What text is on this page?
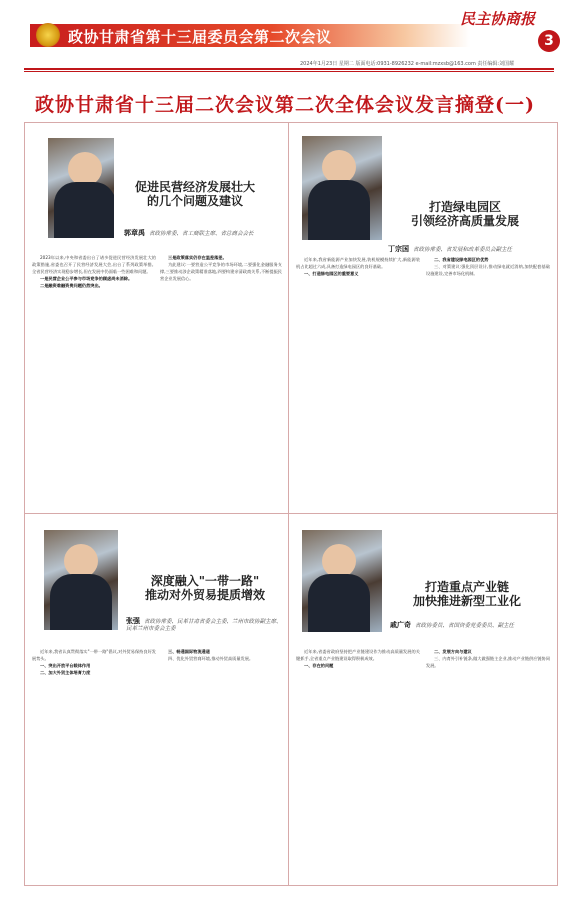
政协甘肃省第十三届委员会第二次会议
民主协商报
3
2024年1月23日 星期二 版面电话:0931-8926232 e-mail:mzxsb@163.com 责任编辑:刘国耀
政协甘肃省十三届二次会议第二次全体会议发言摘登(一)
促进民营经济发展壮大
的几个问题及建议
郭章禹 省政协常委、省工商联主席、省总商会会长

2023年以来,中央和省委出台了诸多促进民营经济发展壮大的政策措施,省委也召开了民营经济发展大会,出台了系列政策举措。全省民营经济实现稳步增长,但在发展中仍面临一些困难和问题。

一是民营企业公平参与市场竞争的顾虑尚未消除。

二是融资难融资贵问题仍然突出。

三是政策落实仍存在温差落差。

为此建议:一要营造公平竞争的市场环境,二要强化金融服务支撑,三要推动涉企政策精准落地,四要构建亲清政商关系,不断提振民营企业发展信心。

打造绿电园区
引领经济高质量发展
丁宗国 省政协常委、省发展和改革委员会副主任

近年来,我省新能源产业加快发展,装机规模持续扩大,新能源装机占比超过六成,具备打造绿电园区的良好基础。

一、打造绿电园区的重要意义

二、我省建设绿电园区的优势

三、对策建议:强化顶层设计,推动绿电就近消纳,加快配套基础设施建设,完善市场化机制。

深度融入"一带一路"
推动对外贸易提质增效
张强 省政协常委、民革甘肃省委会主委、兰州市政协副主席、民革兰州市委会主委

近年来,我省认真贯彻落实"一带一路"倡议,对外贸易保持良好发展势头。

一、突出开放平台载体作用

二、加大外贸主体培育力度

三、畅通国际物流通道

四、优化外贸营商环境,推动外贸高质量发展。

打造重点产业链
加快推进新型工业化
戚广奇 省政协委员、省国资委党委委员、副主任

近年来,省委省政府坚持把产业链建设作为推动高质量发展的关键抓手,全省重点产业链建设取得积极成效。

一、存在的问题

二、发展方向与建议

三、内育外引补链条,做大做强链主企业,推动产业链供应链协同发展。
